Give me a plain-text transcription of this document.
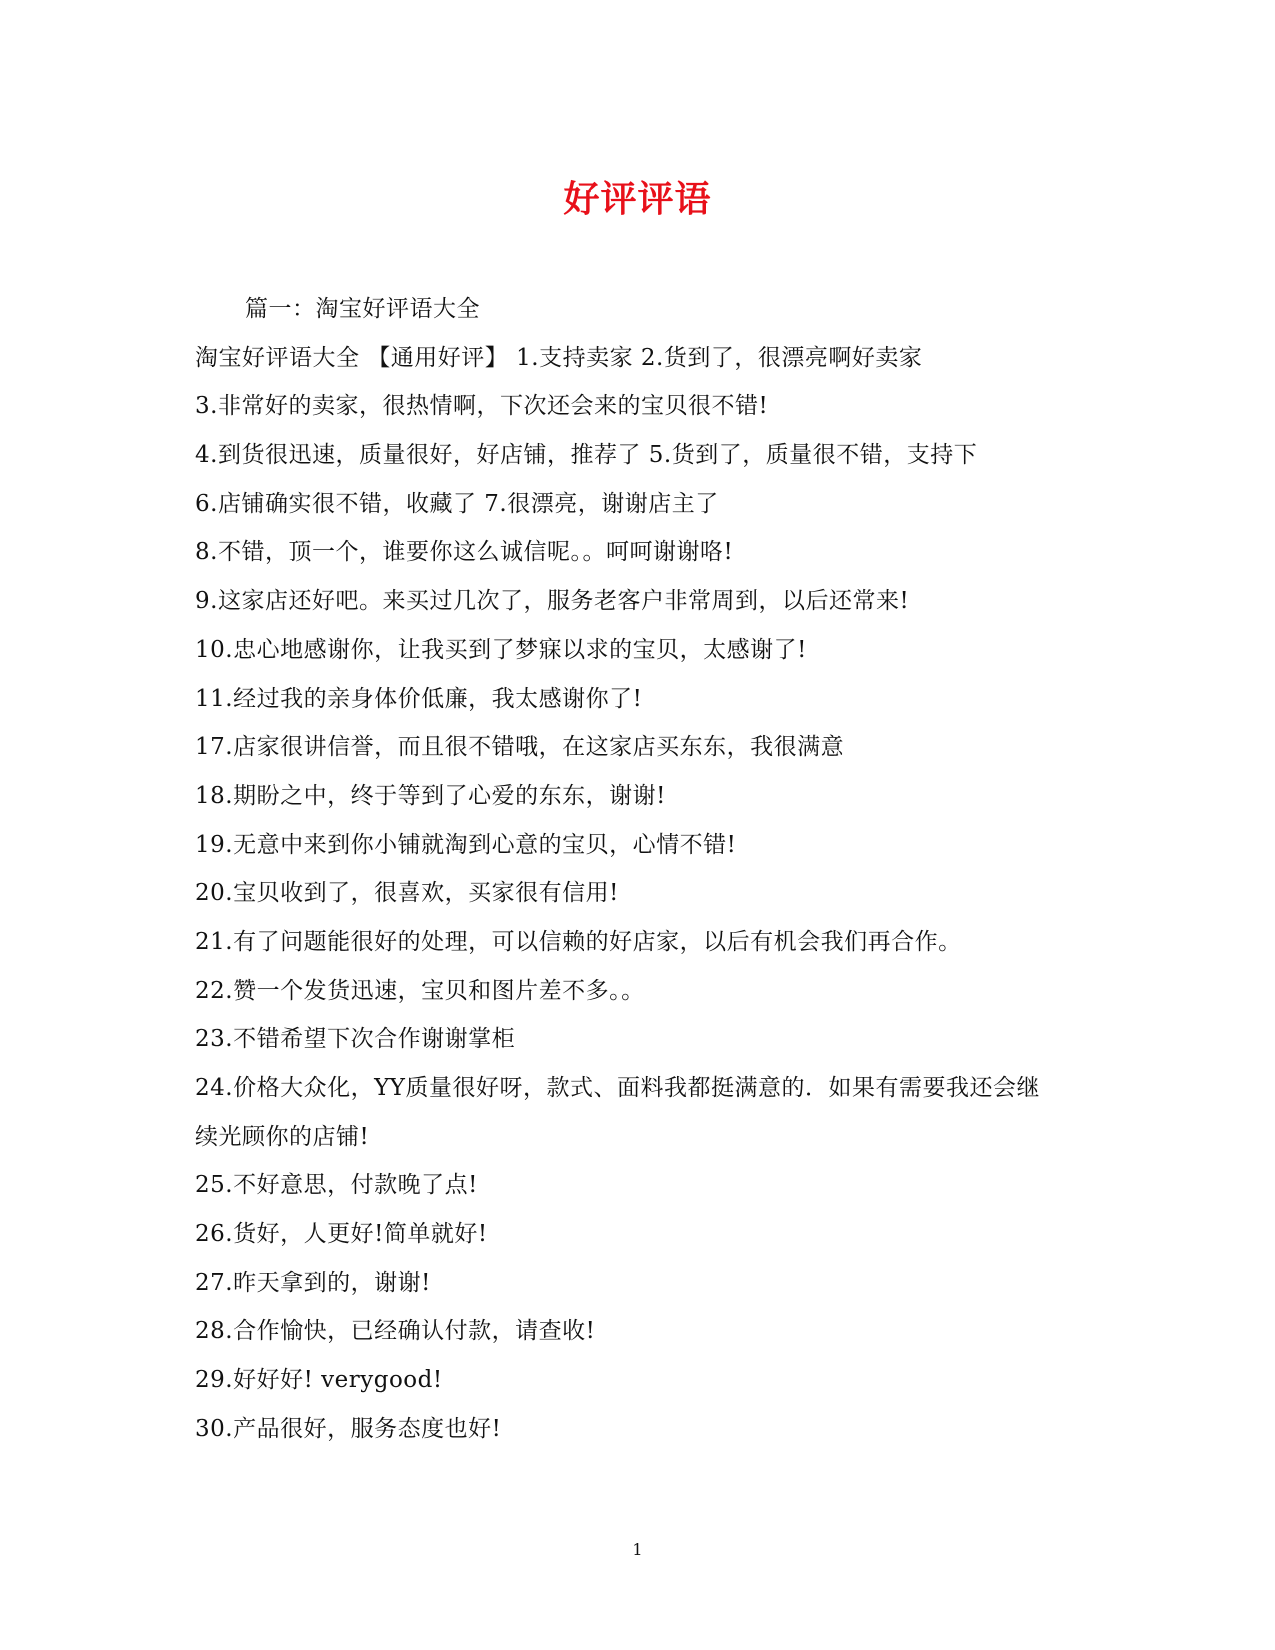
好评评语
篇一：淘宝好评语大全
淘宝好评语大全 【通用好评】 1.支持卖家 2.货到了，很漂亮啊好卖家
3.非常好的卖家，很热情啊，下次还会来的宝贝很不错!
4.到货很迅速，质量很好，好店铺，推荐了 5.货到了，质量很不错，支持下
6.店铺确实很不错，收藏了 7.很漂亮，谢谢店主了
8.不错，顶一个，谁要你这么诚信呢。。呵呵谢谢咯!
9.这家店还好吧。来买过几次了，服务老客户非常周到，以后还常来!
10.忠心地感谢你，让我买到了梦寐以求的宝贝，太感谢了!
11.经过我的亲身体价低廉，我太感谢你了!
17.店家很讲信誉，而且很不错哦，在这家店买东东，我很满意
18.期盼之中，终于等到了心爱的东东，谢谢!
19.无意中来到你小铺就淘到心意的宝贝，心情不错!
20.宝贝收到了，很喜欢，买家很有信用!
21.有了问题能很好的处理，可以信赖的好店家，以后有机会我们再合作。
22.赞一个发货迅速，宝贝和图片差不多。。
23.不错希望下次合作谢谢掌柜
24.价格大众化，YY质量很好呀，款式、面料我都挺满意的．如果有需要我还会继
续光顾你的店铺!
25.不好意思，付款晚了点!
26.货好，人更好!简单就好!
27.昨天拿到的，谢谢!
28.合作愉快，已经确认付款，请查收!
29.好好好! verygood!
30.产品很好，服务态度也好!
1
